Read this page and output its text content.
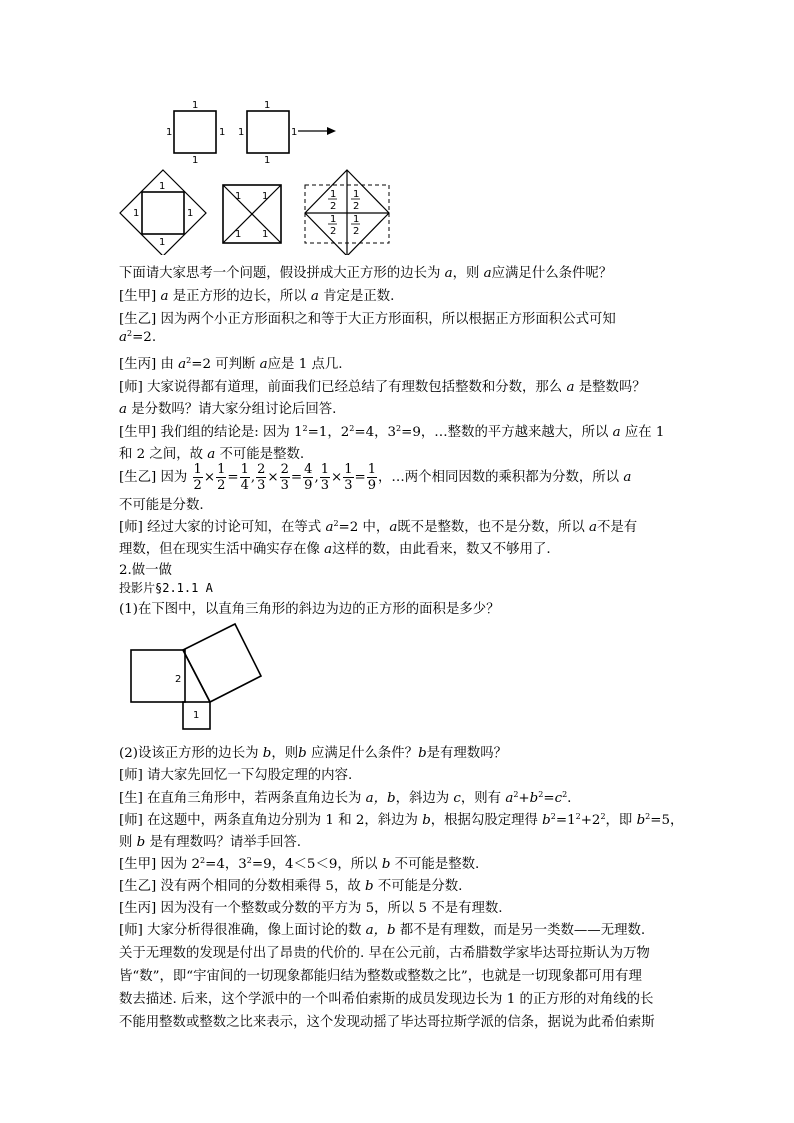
1
1	1
1
1
1	1
1
1
1	1
1
1 1
1 1
1
2
1
2
1
2
1
2
下面请大家思考一个问题，假设拼成大正方形的边长为 a，则 a应满足什么条件呢？
[生甲] a 是正方形的边长，所以 a 肯定是正数.
[生乙] 因为两个小正方形面积之和等于大正方形面积，所以根据正方形面积公式可知
$a^2=2$.
[生丙] 由 $a^2=2$ 可判断 a应是 1 点几.
[师] 大家说得都有道理，前面我们已经总结了有理数包括整数和分数，那么 a 是整数吗？
a 是分数吗？请大家分组讨论后回答.
[生甲] 我们组的结论是: 因为 $1^2=1$，$2^2=4$，$3^2=9$，…整数的平方越来越大，所以 a 应在 1
和 2 之间，故 a 不可能是整数.
[生乙] 因为 $\frac{1}{2} \times \frac{1}{2} = \frac{1}{4}$ , $\frac{2}{3} \times \frac{2}{3} = \frac{4}{9}$ , $\frac{1}{3} \times \frac{1}{3} = \frac{1}{9}$ ，…两个相同因数的乘积都为分数，所以 a
不可能是分数.
[师] 经过大家的讨论可知，在等式 $a^2=2$ 中，a既不是整数，也不是分数，所以 a不是有
理数，但在现实生活中确实存在像 a这样的数，由此看来，数又不够用了.
2.做一做
投影片§2.1.1 A
(1)在下图中，以直角三角形的斜边为边的正方形的面积是多少？
2
1
(2)设该正方形的边长为 b，则b 应满足什么条件？b是有理数吗？
[师] 请大家先回忆一下勾股定理的内容.
[生] 在直角三角形中，若两条直角边长为 a，b，斜边为 c，则有 $a^2+b^2=c^2$.
[师] 在这题中，两条直角边分别为 1 和 2，斜边为 b，根据勾股定理得 $b^2=1^2+2^2$，即 $b^2=5$，
则 b 是有理数吗？请举手回答.
[生甲] 因为 $2^2=4$，$3^2=9$，4＜5＜9，所以 b 不可能是整数.
[生乙] 没有两个相同的分数相乘得 5，故 b 不可能是分数.
[生丙] 因为没有一个整数或分数的平方为 5，所以 5 不是有理数.
[师] 大家分析得很准确，像上面讨论的数 a，b 都不是有理数，而是另一类数——无理数.
关于无理数的发现是付出了昂贵的代价的. 早在公元前，古希腊数学家毕达哥拉斯认为万物
皆“数”，即“宇宙间的一切现象都能归结为整数或整数之比”，也就是一切现象都可用有理
数去描述. 后来，这个学派中的一个叫希伯索斯的成员发现边长为 1 的正方形的对角线的长
不能用整数或整数之比来表示，这个发现动摇了毕达哥拉斯学派的信条，据说为此希伯索斯
